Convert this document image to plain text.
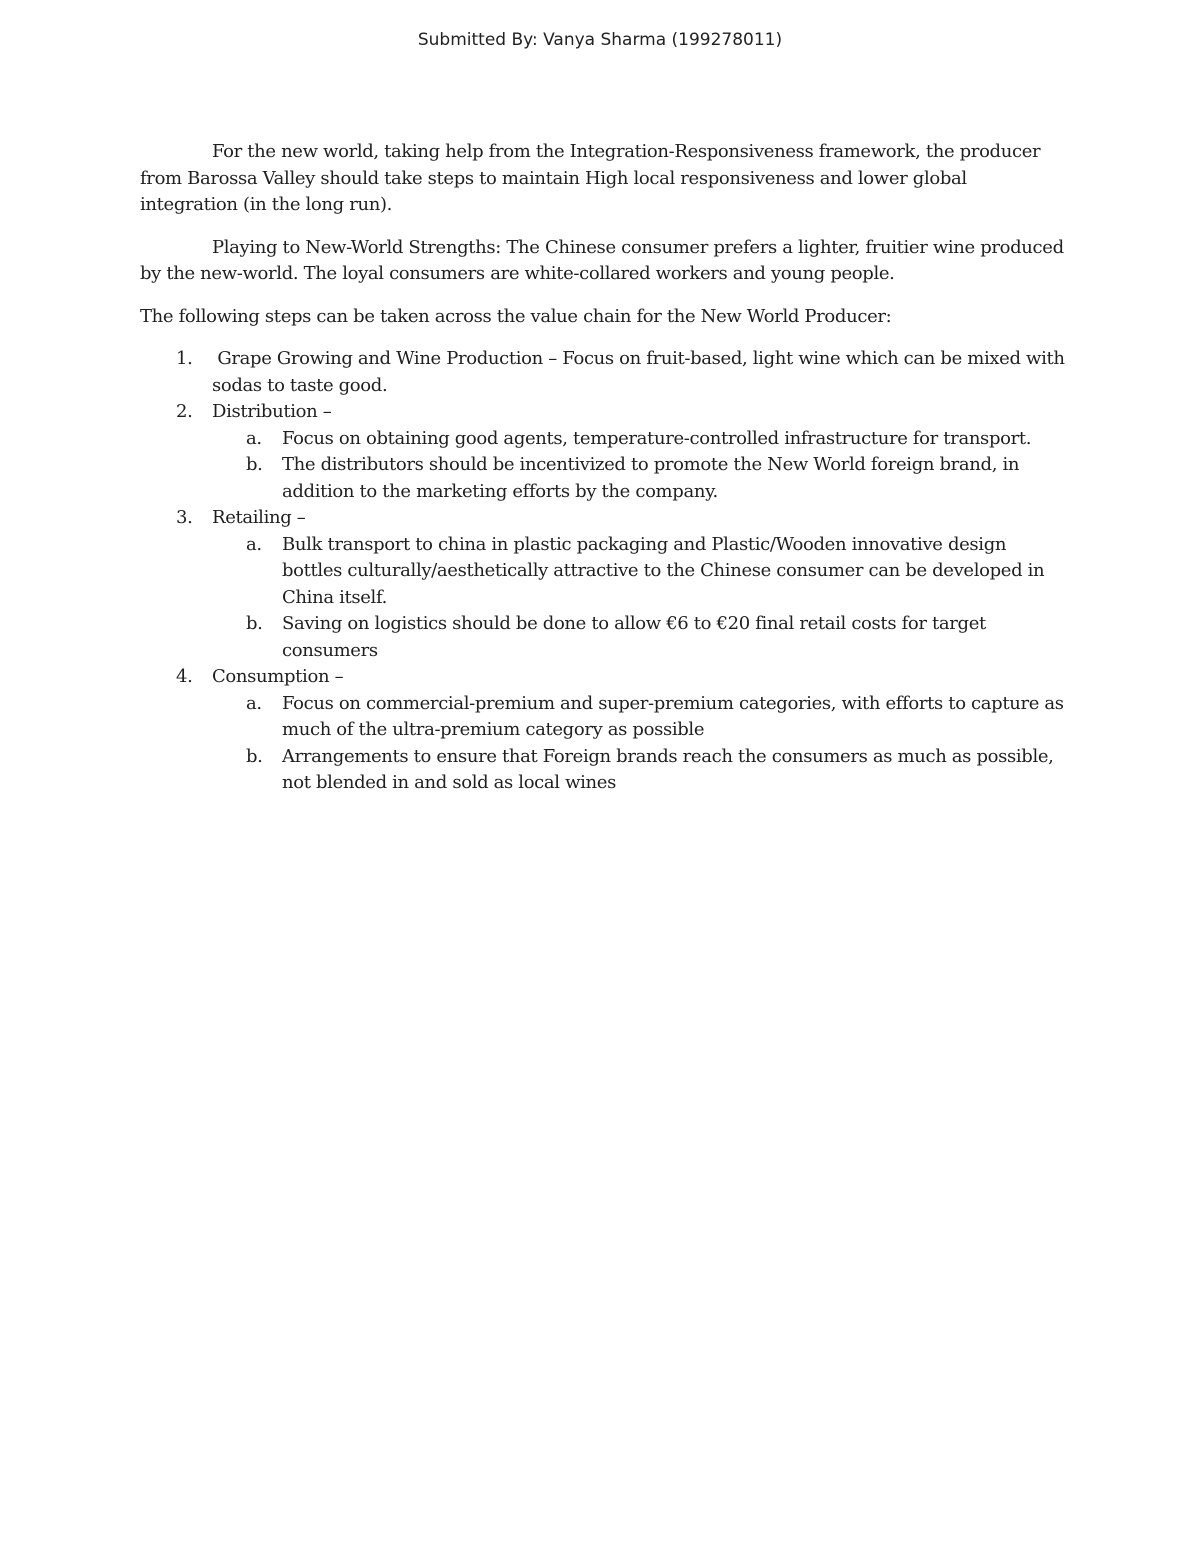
Submitted By: Vanya Sharma (199278011)

For the new world, taking help from the Integration-Responsiveness framework, the producer from Barossa Valley should take steps to maintain High local responsiveness and lower global integration (in the long run).

Playing to New-World Strengths: The Chinese consumer prefers a lighter, fruitier wine produced by the new-world. The loyal consumers are white-collared workers and young people.

The following steps can be taken across the value chain for the New World Producer:

1. Grape Growing and Wine Production – Focus on fruit-based, light wine which can be mixed with sodas to taste good.
2. Distribution –
a. Focus on obtaining good agents, temperature-controlled infrastructure for transport.
b. The distributors should be incentivized to promote the New World foreign brand, in addition to the marketing efforts by the company.
3. Retailing –
a. Bulk transport to china in plastic packaging and Plastic/Wooden innovative design bottles culturally/aesthetically attractive to the Chinese consumer can be developed in China itself.
b. Saving on logistics should be done to allow €6 to €20 final retail costs for target consumers
4. Consumption –
a. Focus on commercial-premium and super-premium categories, with efforts to capture as much of the ultra-premium category as possible
b. Arrangements to ensure that Foreign brands reach the consumers as much as possible, not blended in and sold as local wines
